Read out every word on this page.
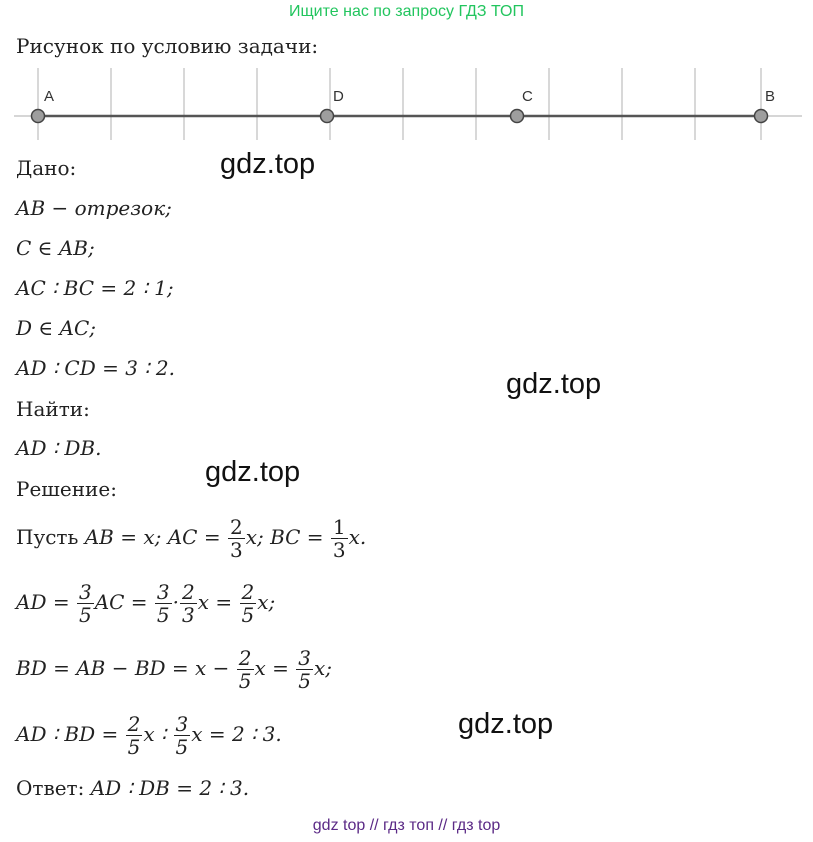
Ищите нас по запросу ГДЗ ТОП
Рисунок по условию задачи:
A	D	C	B
Дано:
AB − отрезок;
C ∈ AB;
AC ∶ BC = 2 ∶ 1;
D ∈ AC;
AD ∶ CD = 3 ∶ 2.
Найти:
AD ∶ DB.
Решение:
Пусть AB = x; AC = $\frac{2}{3} x$; BC = $\frac{1}{3} x$.
AD = $\frac{3}{5}$ AC = $\frac{3}{5} \cdot \frac{2}{3}$ $x = \frac{2}{5} x$;
BD = AB − BD = $x - \frac{2}{5}$ $x = \frac{3}{5} x$;
AD ∶ BD = $\frac{2}{5}$ x ∶ $\frac{3}{5}$ x = 2 ∶ 3.
Ответ: AD ∶ DB = 2 ∶ 3.
gdz.top
gdz.top
gdz.top
gdz.top
gdz top // гдз топ // гдз top
